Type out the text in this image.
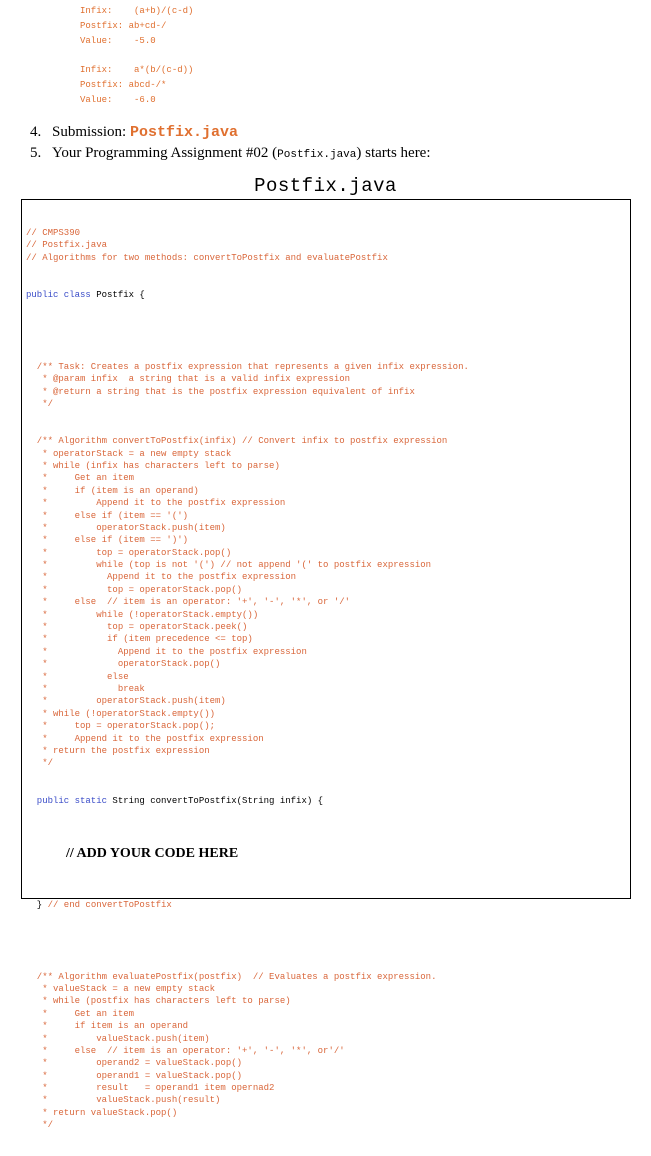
Infix: (a+b)/(c-d)
Postfix: ab+cd-/
Value: -5.0
Infix: a*(b/(c-d))
Postfix: abcd-/*
Value: -6.0
4. Submission: Postfix.java
5. Your Programming Assignment #02 (Postfix.java) starts here:
Postfix.java

// CMPS390
// Postfix.java
// Algorithms for two methods: convertToPostfix and evaluatePostfix

public class Postfix {

/** Task: Creates a postfix expression that represents a given infix expression.
* @param infix  a string that is a valid infix expression
* @return a string that is the postfix expression equivalent of infix
*/

/** Algorithm convertToPostfix(infix) // Convert infix to postfix expression
* operatorStack = a new empty stack
* while (infix has characters left to parse)
*     Get an item
*     if (item is an operand)
*         Append it to the postfix expression
*     else if (item == '(')
*         operatorStack.push(item)
*     else if (item == ')')
*         top = operatorStack.pop()
*         while (top is not '(') // not append '(' to postfix expression
*           Append it to the postfix expression
*           top = operatorStack.pop()
*     else  // item is an operator: '+', '-', '*', or '/'
*         while (!operatorStack.empty())
*           top = operatorStack.peek()
*           if (item precedence <= top)
*             Append it to the postfix expression
*             operatorStack.pop()
*           else
*             break
*         operatorStack.push(item)
* while (!operatorStack.empty())
*     top = operatorStack.pop();
*     Append it to the postfix expression
* return the postfix expression
*/

public static String convertToPostfix(String infix) {

// ADD YOUR CODE HERE

} // end convertToPostfix

/** Algorithm evaluatePostfix(postfix)  // Evaluates a postfix expression.
* valueStack = a new empty stack
* while (postfix has characters left to parse)
*     Get an item
*     if item is an operand
*         valueStack.push(item)
*     else  // item is an operator: '+', '-', '*', or'/'
*         operand2 = valueStack.pop()
*         operand1 = valueStack.pop()
*         result   = operand1 item opernad2
*         valueStack.push(result)
* return valueStack.pop()
*/
